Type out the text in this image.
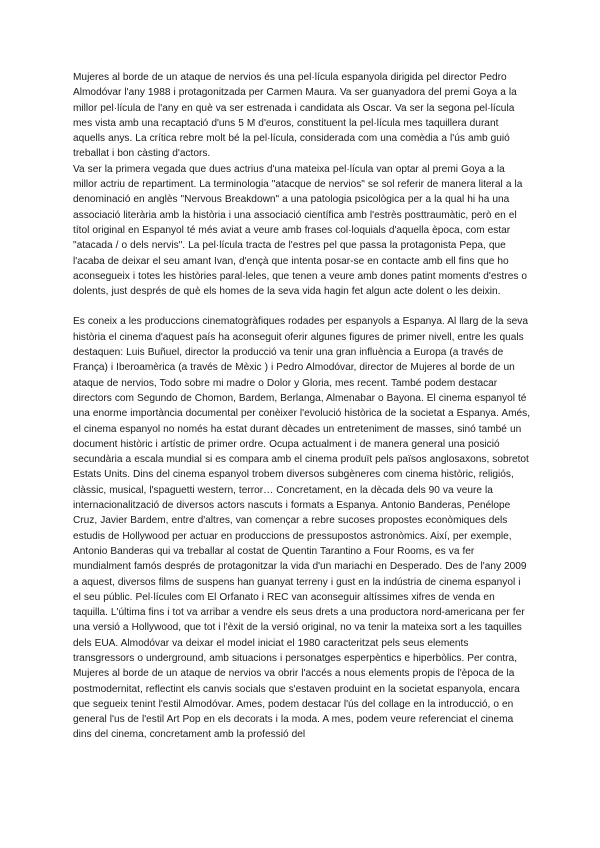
Mujeres al borde de un ataque de nervios és una pel·lícula espanyola dirigida pel director Pedro Almodóvar l'any 1988 i protagonitzada per Carmen Maura. Va ser guanyadora del premi Goya a la millor pel·lícula de l'any en què va ser estrenada i candidata als Oscar. Va ser la segona pel·lícula mes vista amb una recaptació d'uns 5 M d'euros, constituent la pel·lícula mes taquillera durant aquells anys. La crítica rebre molt bé la pel·lícula, considerada com una comèdia a l'ús amb guió treballat i bon càsting d'actors.

Va ser la primera vegada que dues actrius d'una mateixa pel·lícula van optar al premi Goya a la millor actriu de repartiment. La terminologia "atacque de nervios" se sol referir de manera literal a la denominació en anglès "Nervous Breakdown" a una patologia psicològica per a la qual hi ha una associació literària amb la història i una associació científica amb l'estrès posttraumàtic, però en el títol original en Espanyol té més aviat a veure amb frases col·loquials d'aquella època, com estar "atacada / o dels nervis". La pel·lícula tracta de l'estres pel que passa la protagonista Pepa, que l'acaba de deixar el seu amant Ivan, d'ençà que intenta posar-se en contacte amb ell fins que ho aconsegueix i totes les històries paral·leles, que tenen a veure amb dones patint moments d'estres o dolents, just després de què els homes de la seva vida hagin fet algun acte dolent o les deixin.

Es coneix a les produccions cinematogràfiques rodades per espanyols a Espanya. Al llarg de la seva història el cinema d'aquest país ha aconseguit oferir algunes figures de primer nivell, entre les quals destaquen: Luis Buñuel, director la producció va tenir una gran influència a Europa (a través de França) i Iberoamèrica (a través de Mèxic ) i Pedro Almodóvar, director de Mujeres al borde de un ataque de nervios, Todo sobre mi madre o Dolor y Gloria, mes recent. També podem destacar directors com Segundo de Chomon, Bardem, Berlanga, Almenabar o Bayona. El cinema espanyol té una enorme importància documental per conèixer l'evolució històrica de la societat a Espanya. Amés, el cinema espanyol no només ha estat durant dècades un entreteniment de masses, sinó també un document històric i artístic de primer ordre. Ocupa actualment i de manera general una posició secundària a escala mundial si es compara amb el cinema produït pels països anglosaxons, sobretot Estats Units. Dins del cinema espanyol trobem diversos subgèneres com cinema històric, religiós, clàssic, musical, l'spaguetti western, terror… Concretament, en la dècada dels 90 va veure la internacionalització de diversos actors nascuts i formats a Espanya. Antonio Banderas, Penélope Cruz, Javier Bardem, entre d'altres, van començar a rebre sucoses propostes econòmiques dels estudis de Hollywood per actuar en produccions de pressupostos astronòmics. Així, per exemple, Antonio Banderas qui va treballar al costat de Quentin Tarantino a Four Rooms, es va fer mundialment famós després de protagonitzar la vida d'un mariachi en Desperado. Des de l'any 2009 a aquest, diversos films de suspens han guanyat terreny i gust en la indústria de cinema espanyol i el seu públic. Pel·lícules com El Orfanato i REC van aconseguir altíssimes xifres de venda en taquilla. L'última fins i tot va arribar a vendre els seus drets a una productora nord-americana per fer una versió a Hollywood, que tot i l'èxit de la versió original, no va tenir la mateixa sort a les taquilles dels EUA. Almodóvar va deixar el model iniciat el 1980 caracteritzat pels seus elements transgressors o underground, amb situacions i personatges esperpèntics e hiperbòlics. Per contra, Mujeres al borde de un ataque de nervios va obrir l'accés a nous elements propis de l'època de la postmodernitat, reflectint els canvis socials que s'estaven produint en la societat espanyola, encara que segueix tenint l'estil Almodóvar. Ames, podem destacar l'ús del collage en la introducció, o en general l'us de l'estil Art Pop en els decorats i la moda. A mes, podem veure referenciat el cinema dins del cinema, concretament amb la professió del
